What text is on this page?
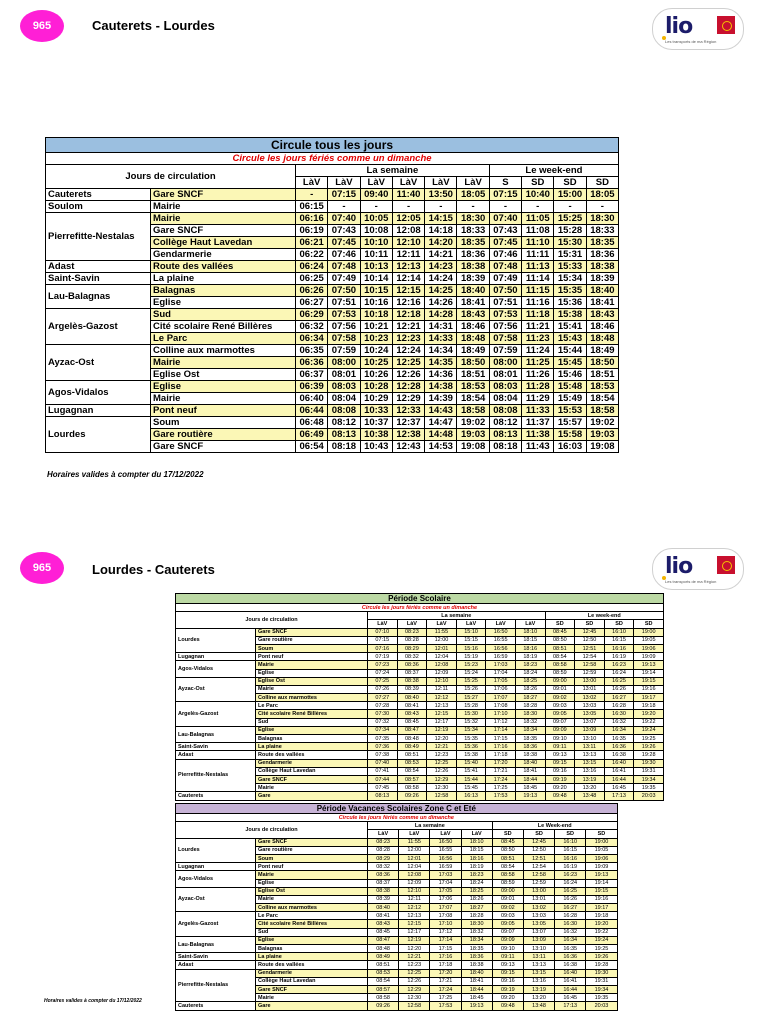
965	Cauterets - Lourdes	lio
Les transports de ma Région
Circule tous les jours											
Circule les jours fériés comme un dimanche											
Jours de circulation		La semaine						Le week-end			
		LàV	LàV	LàV	LàV	LàV	LàV	S	SD	SD	SD
Cauterets	Gare SNCF	-	07:15	09:40	11:40	13:50	18:05	07:15	10:40	15:00	18:05
Soulom	Mairie	06:15	-	-	-	-	-	-	-	-	-
Pierrefitte-Nestalas	Mairie	06:16	07:40	10:05	12:05	14:15	18:30	07:40	11:05	15:25	18:30
	Gare SNCF	06:19	07:43	10:08	12:08	14:18	18:33	07:43	11:08	15:28	18:33
	Collège Haut Lavedan	06:21	07:45	10:10	12:10	14:20	18:35	07:45	11:10	15:30	18:35
	Gendarmerie	06:22	07:46	10:11	12:11	14:21	18:36	07:46	11:11	15:31	18:36
Adast	Route des vallées	06:24	07:48	10:13	12:13	14:23	18:38	07:48	11:13	15:33	18:38
Saint-Savin	La plaine	06:25	07:49	10:14	12:14	14:24	18:39	07:49	11:14	15:34	18:39
Lau-Balagnas	Balagnas	06:26	07:50	10:15	12:15	14:25	18:40	07:50	11:15	15:35	18:40
	Eglise	06:27	07:51	10:16	12:16	14:26	18:41	07:51	11:16	15:36	18:41
Argelès-Gazost	Sud	06:29	07:53	10:18	12:18	14:28	18:43	07:53	11:18	15:38	18:43
	Cité scolaire René Billères	06:32	07:56	10:21	12:21	14:31	18:46	07:56	11:21	15:41	18:46
	Le Parc	06:34	07:58	10:23	12:23	14:33	18:48	07:58	11:23	15:43	18:48
Ayzac-Ost	Colline aux marmottes	06:35	07:59	10:24	12:24	14:34	18:49	07:59	11:24	15:44	18:49
	Mairie	06:36	08:00	10:25	12:25	14:35	18:50	08:00	11:25	15:45	18:50
	Eglise Ost	06:37	08:01	10:26	12:26	14:36	18:51	08:01	11:26	15:46	18:51
Agos-Vidalos	Eglise	06:39	08:03	10:28	12:28	14:38	18:53	08:03	11:28	15:48	18:53
	Mairie	06:40	08:04	10:29	12:29	14:39	18:54	08:04	11:29	15:49	18:54
Lugagnan	Pont neuf	06:44	08:08	10:33	12:33	14:43	18:58	08:08	11:33	15:53	18:58
Lourdes	Soum	06:48	08:12	10:37	12:37	14:47	19:02	08:12	11:37	15:57	19:02
	Gare routière	06:49	08:13	10:38	12:38	14:48	19:03	08:13	11:38	15:58	19:03
	Gare SNCF	06:54	08:18	10:43	12:43	14:53	19:08	08:18	11:43	16:03	19:08
Horaires valides à compter du 17/12/2022
965	Lourdes - Cauterets	lio
Les transports de ma Région
Période Scolaire											
Circule les jours fériés comme un dimanche											
Jours de circulation		La semaine						Le week-end			
		LàV	LàV	LàV	LàV	LàV	LàV	SD	SD	SD	SD
Lourdes	Gare SNCF	07:10	08:23	11:55	15:10	16:50	18:10	08:45	12:45	16:10	19:00
	Gare routière	07:15	08:28	12:00	15:15	16:55	18:15	08:50	12:50	16:15	19:05
	Soum	07:16	08:29	12:01	15:16	16:56	18:16	08:51	12:51	16:16	19:06
Lugagnan	Pont neuf	07:19	08:32	12:04	15:19	16:59	18:19	08:54	12:54	16:19	19:09
Agos-Vidalos	Mairie	07:23	08:36	12:08	15:23	17:03	18:23	08:58	12:58	16:23	19:13
	Eglise	07:24	08:37	12:09	15:24	17:04	18:24	08:59	12:59	16:24	19:14
Ayzac-Ost	Eglise Ost	07:25	08:38	12:10	15:25	17:05	18:25	09:00	13:00	16:25	19:15
	Mairie	07:26	08:39	12:11	15:26	17:06	18:26	09:01	13:01	16:26	19:16
	Colline aux marmottes	07:27	08:40	12:12	15:27	17:07	18:27	09:02	13:02	16:27	19:17
Argelès-Gazost	Le Parc	07:28	08:41	12:13	15:28	17:08	18:28	09:03	13:03	16:28	19:18
	Cité scolaire René Billères	07:30	08:43	12:15	15:30	17:10	18:30	09:05	13:05	16:30	19:20
	Sud	07:32	08:45	12:17	15:32	17:12	18:32	09:07	13:07	16:32	19:22
Lau-Balagnas	Eglise	07:34	08:47	12:19	15:34	17:14	18:34	09:09	13:09	16:34	19:24
	Balagnas	07:35	08:48	12:20	15:35	17:15	18:35	09:10	13:10	16:35	19:25
Saint-Savin	La plaine	07:36	08:49	12:21	15:36	17:16	18:36	09:11	13:11	16:36	19:26
Adast	Route des vallées	07:38	08:51	12:23	15:38	17:18	18:38	09:13	13:13	16:38	19:28
Pierrefitte-Nestalas	Gendarmerie	07:40	08:53	12:25	15:40	17:20	18:40	09:15	13:15	16:40	19:30
	Collège Haut Lavedan	07:41	08:54	12:26	15:41	17:21	18:41	09:16	13:16	16:41	19:31
	Gare SNCF	07:44	08:57	12:29	15:44	17:24	18:44	09:19	13:19	16:44	19:34
	Mairie	07:45	08:58	12:30	15:45	17:25	18:45	09:20	13:20	16:45	19:35
Cauterets	Gare	08:13	09:26	12:58	16:13	17:53	19:13	09:48	13:48	17:13	20:03
Période Vacances Scolaires Zone C et Eté									
Circule les jours fériés comme un dimanche									
Jours de circulation		La semaine				Le Week-end			
		LàV	LàV	LàV	LàV	SD	SD	SD	SD
Lourdes	Gare SNCF	08:23	11:55	16:50	18:10	08:45	12:45	16:10	19:00
	Gare routière	08:28	12:00	16:55	18:15	08:50	12:50	16:15	19:05
	Soum	08:29	12:01	16:56	18:16	08:51	12:51	16:16	19:06
Lugagnan	Pont neuf	08:32	12:04	16:59	18:19	08:54	12:54	16:19	19:09
Agos-Vidalos	Mairie	08:36	12:08	17:03	18:23	08:58	12:58	16:23	19:13
	Eglise	08:37	12:09	17:04	18:24	08:59	12:59	16:24	19:14
Ayzac-Ost	Eglise Ost	08:38	12:10	17:05	18:25	09:00	13:00	16:25	19:15
	Mairie	08:39	12:11	17:06	18:26	09:01	13:01	16:26	19:16
	Colline aux marmottes	08:40	12:12	17:07	18:27	09:02	13:02	16:27	19:17
Argelès-Gazost	Le Parc	08:41	12:13	17:08	18:28	09:03	13:03	16:28	19:18
	Cité scolaire René Billères	08:43	12:15	17:10	18:30	09:05	13:05	16:30	19:20
	Sud	08:45	12:17	17:12	18:32	09:07	13:07	16:32	19:22
Lau-Balagnas	Eglise	08:47	12:19	17:14	18:34	09:09	13:09	16:34	19:24
	Balagnas	08:48	12:20	17:15	18:35	09:10	13:10	16:35	19:25
Saint-Savin	La plaine	08:49	12:21	17:16	18:36	09:11	13:11	16:36	19:26
Adast	Route des vallées	08:51	12:23	17:18	18:38	09:13	13:13	16:38	19:28
Pierrefitte-Nestalas	Gendarmerie	08:53	12:25	17:20	18:40	09:15	13:15	16:40	19:30
	Collège Haut Lavedan	08:54	12:26	17:21	18:41	09:16	13:16	16:41	19:31
	Gare SNCF	08:57	12:29	17:24	18:44	09:19	13:19	16:44	19:34
	Mairie	08:58	12:30	17:25	18:45	09:20	13:20	16:45	19:35
Cauterets	Gare	09:26	12:58	17:53	19:13	09:48	13:48	17:13	20:03
Horaires valides à compter du 17/12/2022
